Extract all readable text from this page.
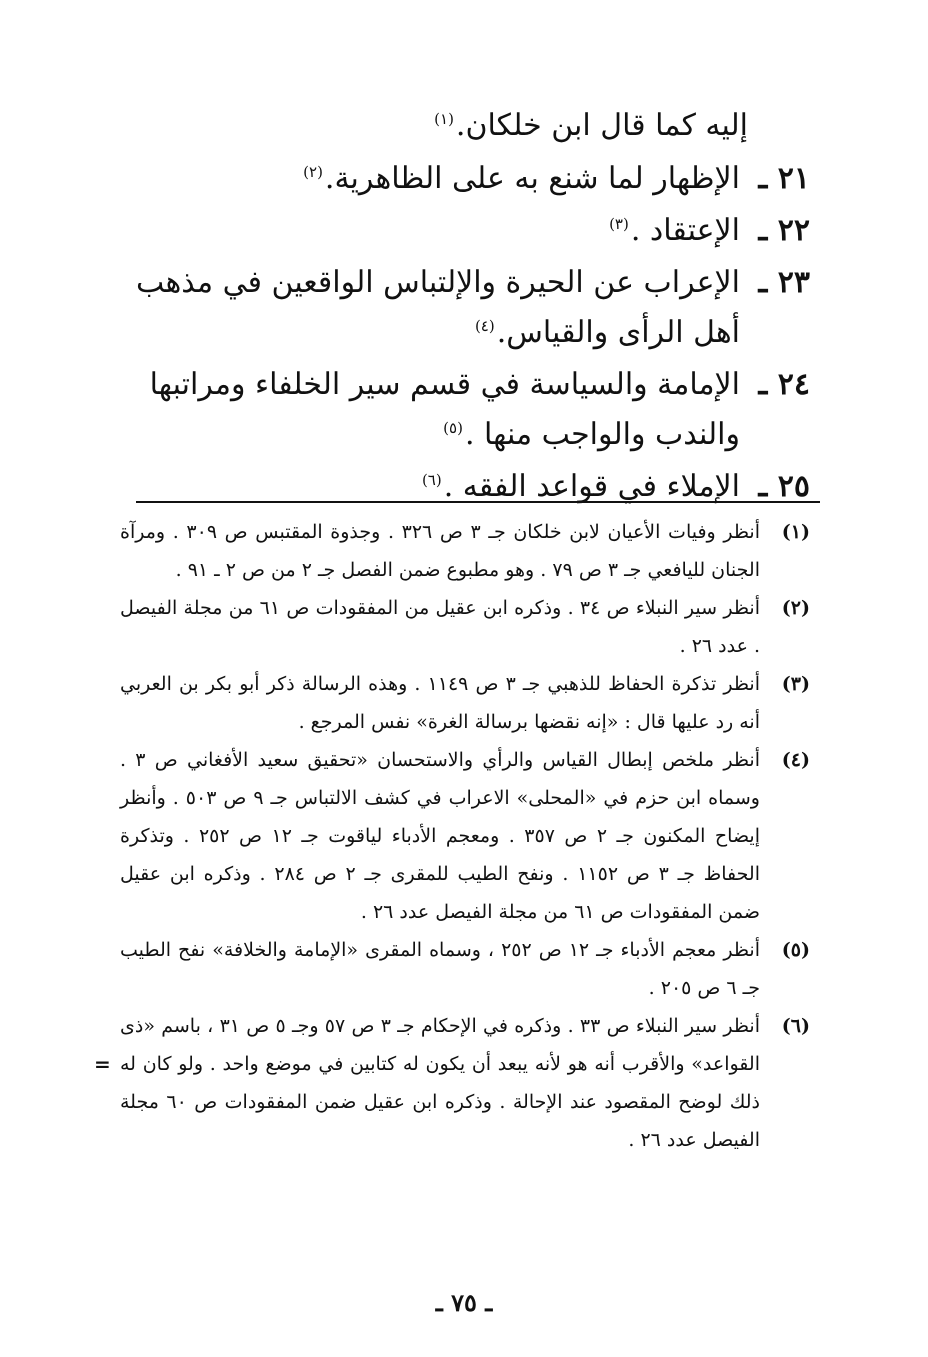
إليه كما قال ابن خلكان.$^{(١)}$
٢١ ـ
الإظهار لما شنع به على الظاهرية.$^{(٢)}$
٢٢ ـ
الإعتقاد .$^{(٣)}$
٢٣ ـ
الإعراب عن الحيرة والإلتباس الواقعين في مذهب أهل الرأى والقياس.$^{(٤)}$
٢٤ ـ
الإمامة والسياسة في قسم سير الخلفاء ومراتبها والندب والواجب منها .$^{(٥)}$
٢٥ ـ
الإملاء في قواعد الفقه .$^{(٦)}$
(١)
أنظر وفيات الأعيان لابن خلكان جـ ٣ ص ٣٢٦ . وجذوة المقتبس ص ٣٠٩ . ومرآة الجنان لليافعي جـ ٣ ص ٧٩ . وهو مطبوع ضمن الفصل جـ ٢ من ص ٢ ـ ٩١ .
(٢)
أنظر سير النبلاء ص ٣٤ . وذكره ابن عقيل من المفقودات ص ٦١ من مجلة الفيصل . عدد ٢٦ .
(٣)
أنظر تذكرة الحفاظ للذهبي جـ ٣ ص ١١٤٩ . وهذه الرسالة ذكر أبو بكر بن العربي أنه رد عليها قال : «إنه نقضها برسالة الغرة» نفس المرجع .
(٤)
أنظر ملخص إبطال القياس والرأي والاستحسان «تحقيق سعيد الأفغاني ص ٣ . وسماه ابن حزم في «المحلى» الاعراب في كشف الالتباس جـ ٩ ص ٥٠٣ . وأنظر إيضاح المكنون جـ ٢ ص ٣٥٧ . ومعجم الأدباء لياقوت جـ ١٢ ص ٢٥٢ . وتذكرة الحفاظ جـ ٣ ص ١١٥٢ . ونفح الطيب للمقرى جـ ٢ ص ٢٨٤ . وذكره ابن عقيل ضمن المفقودات ص ٦١ من مجلة الفيصل عدد ٢٦ .
(٥)
أنظر معجم الأدباء جـ ١٢ ص ٢٥٢ ، وسماه المقرى «الإمامة والخلافة» نفح الطيب جـ ٦ ص ٢٠٥ .
(٦)
أنظر سير النبلاء ص ٣٣ . وذكره في الإحكام جـ ٣ ص ٥٧ وجـ ٥ ص ٣١ ، باسم «ذى القواعد» والأقرب أنه هو لأنه يبعد أن يكون له كتابين في موضع واحد . ولو كان له ذلك لوضح المقصود عند الإحالة . وذكره ابن عقيل ضمن المفقودات ص ٦٠ مجلة الفيصل عدد ٢٦ .
=
ـ ٧٥ ـ
